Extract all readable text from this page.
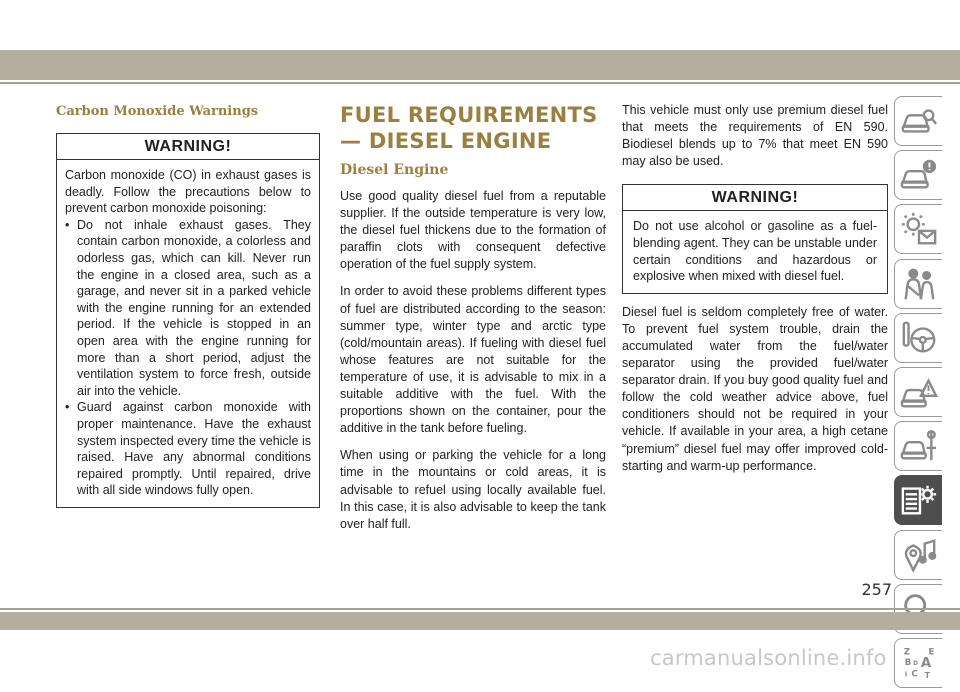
Carbon Monoxide Warnings
WARNING!
Carbon monoxide (CO) in exhaust gases is deadly. Follow the precautions below to prevent carbon monoxide poisoning:
• Do not inhale exhaust gases. They contain carbon monoxide, a colorless and odorless gas, which can kill. Never run the engine in a closed area, such as a garage, and never sit in a parked vehicle with the engine running for an extended period. If the vehicle is stopped in an open area with the engine running for more than a short period, adjust the ventilation system to force fresh, outside air into the vehicle.
• Guard against carbon monoxide with proper maintenance. Have the exhaust system inspected every time the vehicle is raised. Have any abnormal conditions repaired promptly. Until repaired, drive with all side windows fully open.
FUEL REQUIREMENTS — DIESEL ENGINE
Diesel Engine

Use good quality diesel fuel from a reputable supplier. If the outside temperature is very low, the diesel fuel thickens due to the formation of paraffin clots with consequent defective operation of the fuel supply system.

In order to avoid these problems different types of fuel are distributed according to the season: summer type, winter type and arctic type (cold/mountain areas). If fueling with diesel fuel whose features are not suitable for the temperature of use, it is advisable to mix in a suitable additive with the fuel. With the proportions shown on the container, pour the additive in the tank before fueling.

When using or parking the vehicle for a long time in the mountains or cold areas, it is advisable to refuel using locally available fuel. In this case, it is also advisable to keep the tank over half full.

This vehicle must only use premium diesel fuel that meets the requirements of EN 590. Biodiesel blends up to 7% that meet EN 590 may also be used.

WARNING!
Do not use alcohol or gasoline as a fuel-blending agent. They can be unstable under certain conditions and hazardous or explosive when mixed with diesel fuel.

Diesel fuel is seldom completely free of water. To prevent fuel system trouble, drain the accumulated water from the fuel/water separator using the provided fuel/water separator drain. If you buy good quality fuel and follow the cold weather advice above, fuel conditioners should not be required in your vehicle. If available in your area, a high cetane “premium” diesel fuel may offer improved cold-starting and warm-up performance.

Z E
B A
C
D
I T
257
carmanualsonline.info
